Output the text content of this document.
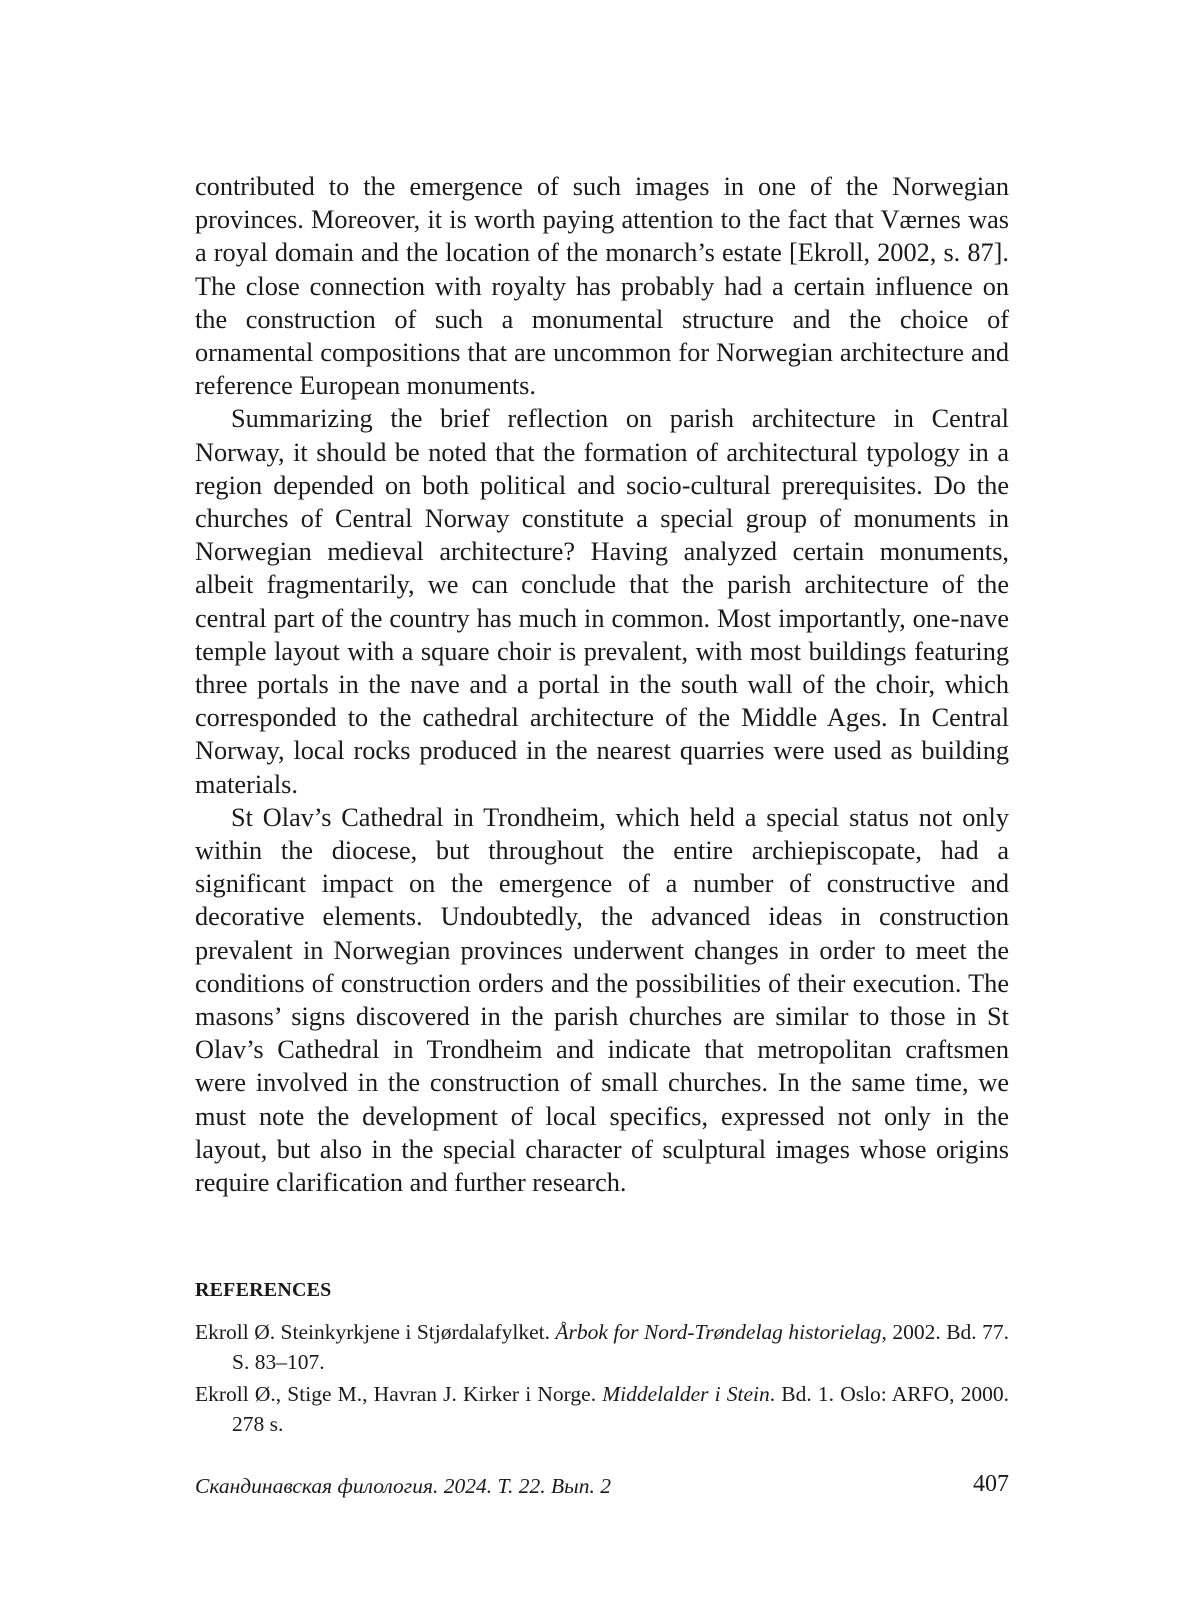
contributed to the emergence of such images in one of the Norwegian provinces. Moreover, it is worth paying attention to the fact that Værnes was a royal domain and the location of the monarch’s estate [Ekroll, 2002, s. 87]. The close connection with royalty has probably had a certain influence on the construction of such a monumental structure and the choice of ornamental compositions that are uncommon for Norwegian architecture and reference European monuments.

Summarizing the brief reflection on parish architecture in Central Norway, it should be noted that the formation of architectural typology in a region depended on both political and socio-cultural prerequisites. Do the churches of Central Norway constitute a special group of monuments in Norwegian medieval architecture? Having analyzed certain monuments, albeit fragmentarily, we can conclude that the parish architecture of the central part of the country has much in common. Most importantly, one-nave temple layout with a square choir is prevalent, with most buildings featuring three portals in the nave and a portal in the south wall of the choir, which corresponded to the cathedral architecture of the Middle Ages. In Central Norway, local rocks produced in the nearest quarries were used as building materials.

St Olav’s Cathedral in Trondheim, which held a special status not only within the diocese, but throughout the entire archiepiscopate, had a significant impact on the emergence of a number of constructive and decorative elements. Undoubtedly, the advanced ideas in construction prevalent in Norwegian provinces underwent changes in order to meet the conditions of construction orders and the possibilities of their execution. The masons’ signs discovered in the parish churches are similar to those in St Olav’s Cathedral in Trondheim and indicate that metropolitan craftsmen were involved in the construction of small churches. In the same time, we must note the development of local specifics, expressed not only in the layout, but also in the special character of sculptural images whose origins require clarification and further research.

REFERENCES
Ekroll Ø. Steinkyrkjene i Stjørdalafylket. Årbok for Nord-Trøndelag historielag, 2002. Bd. 77. S. 83–107.
Ekroll Ø., Stige M., Havran J. Kirker i Norge. Middelalder i Stein. Bd. 1. Oslo: ARFO, 2000. 278 s.
Скандинавская филология. 2024. Т. 22. Вып. 2	407
